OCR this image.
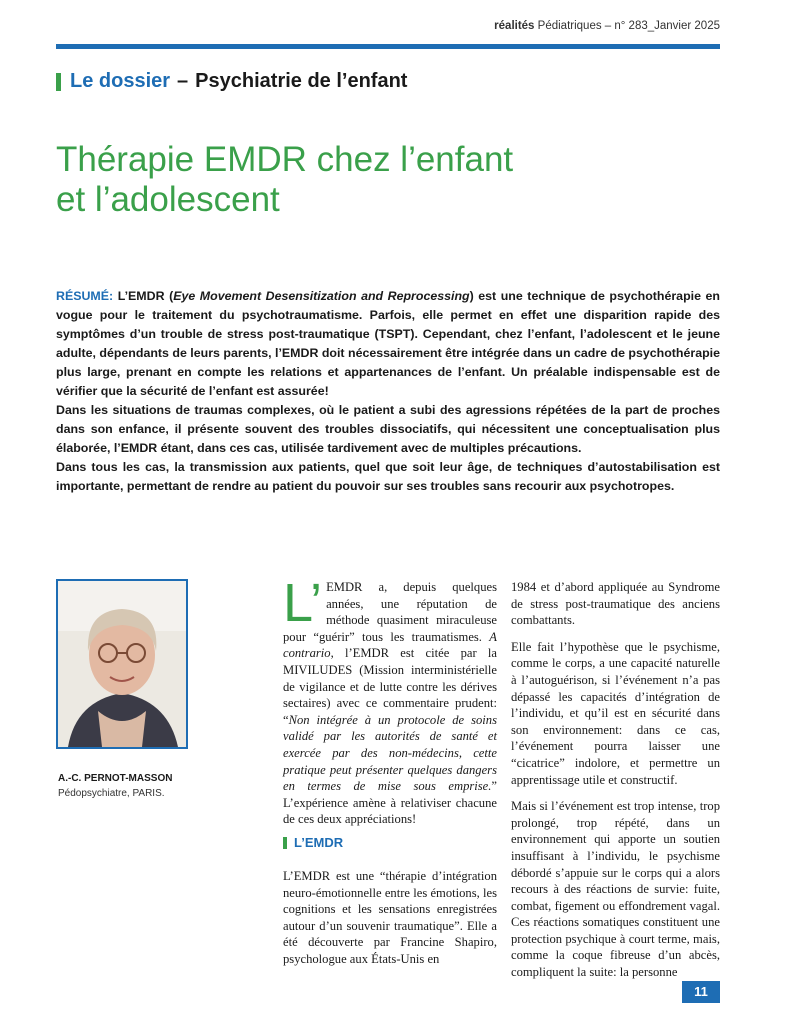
réalités Pédiatriques – n° 283_Janvier 2025
Le dossier – Psychiatrie de l’enfant
Thérapie EMDR chez l’enfant
et l’adolescent
RÉSUMÉ: L’EMDR (Eye Movement Desensitization and Reprocessing) est une technique de psychothérapie en vogue pour le traitement du psychotraumatisme. Parfois, elle permet en effet une disparition rapide des symptômes d’un trouble de stress post-traumatique (TSPT). Cependant, chez l’enfant, l’adolescent et le jeune adulte, dépendants de leurs parents, l’EMDR doit nécessairement être intégrée dans un cadre de psychothérapie plus large, prenant en compte les relations et appartenances de l’enfant. Un préalable indispensable est de vérifier que la sécurité de l’enfant est assurée!
Dans les situations de traumas complexes, où le patient a subi des agressions répétées de la part de proches dans son enfance, il présente souvent des troubles dissociatifs, qui nécessitent une conceptualisation plus élaborée, l’EMDR étant, dans ces cas, utilisée tardivement avec de multiples précautions.
Dans tous les cas, la transmission aux patients, quel que soit leur âge, de techniques d’autostabilisation est importante, permettant de rendre au patient du pouvoir sur ses troubles sans recourir aux psychotropes.
A.-C. PERNOT-MASSON
Pédopsychiatre, PARIS.
L’ EMDR a, depuis quelques années, une réputation de méthode quasiment miraculeuse pour “guérir” tous les traumatismes. A contrario, l’EMDR est citée par la MIVILUDES (Mission interministérielle de vigilance et de lutte contre les dérives sectaires) avec ce commentaire prudent: “Non intégrée à un protocole de soins validé par les autorités de santé et exercée par des non-médecins, cette pratique peut présenter quelques dangers en termes de mise sous emprise.” L’expérience amène à relativiser chacune de ces deux appréciations!
L’EMDR
L’EMDR est une “thérapie d’intégration neuro-émotionnelle entre les émotions, les cognitions et les sensations enregistrées autour d’un souvenir traumatique”. Elle a été découverte par Francine Shapiro, psychologue aux États-Unis en
1984 et d’abord appliquée au Syndrome de stress post-traumatique des anciens combattants.
Elle fait l’hypothèse que le psychisme, comme le corps, a une capacité naturelle à l’autoguérison, si l’événement n’a pas dépassé les capacités d’intégration de l’individu, et qu’il est en sécurité dans son environnement: dans ce cas, l’événement pourra laisser une “cicatrice” indolore, et permettre un apprentissage utile et constructif.
Mais si l’événement est trop intense, trop prolongé, trop répété, dans un environnement qui apporte un soutien insuffisant à l’individu, le psychisme débordé s’appuie sur le corps qui a alors recours à des réactions de survie: fuite, combat, figement ou effondrement vagal. Ces réactions somatiques constituent une protection psychique à court terme, mais, comme la coque fibreuse d’un abcès, compliquent la suite: la personne
11
